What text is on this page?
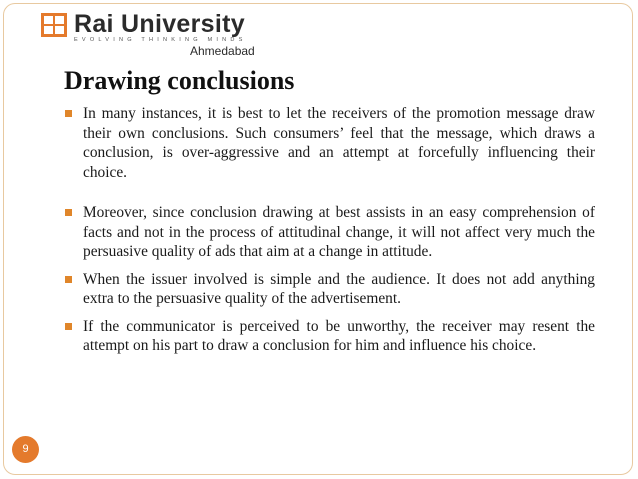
Rai University
EVOLVING THINKING MINDS
Ahmedabad
Drawing conclusions
In many instances, it is best to let the receivers of the promotion message draw their own conclusions. Such consumers’ feel that the message, which draws a conclusion, is over-aggressive and an attempt at forcefully influencing their choice.
Moreover, since conclusion drawing at best assists in an easy comprehension of facts and not in the process of attitudinal change, it will not affect very much the persuasive quality of ads that aim at a change in attitude.
When the issuer involved is simple and the audience. It does not add anything extra to the persuasive quality of the advertisement.
If the communicator is perceived to be unworthy, the receiver may resent the attempt on his part to draw a conclusion for him and influence his choice.
9
